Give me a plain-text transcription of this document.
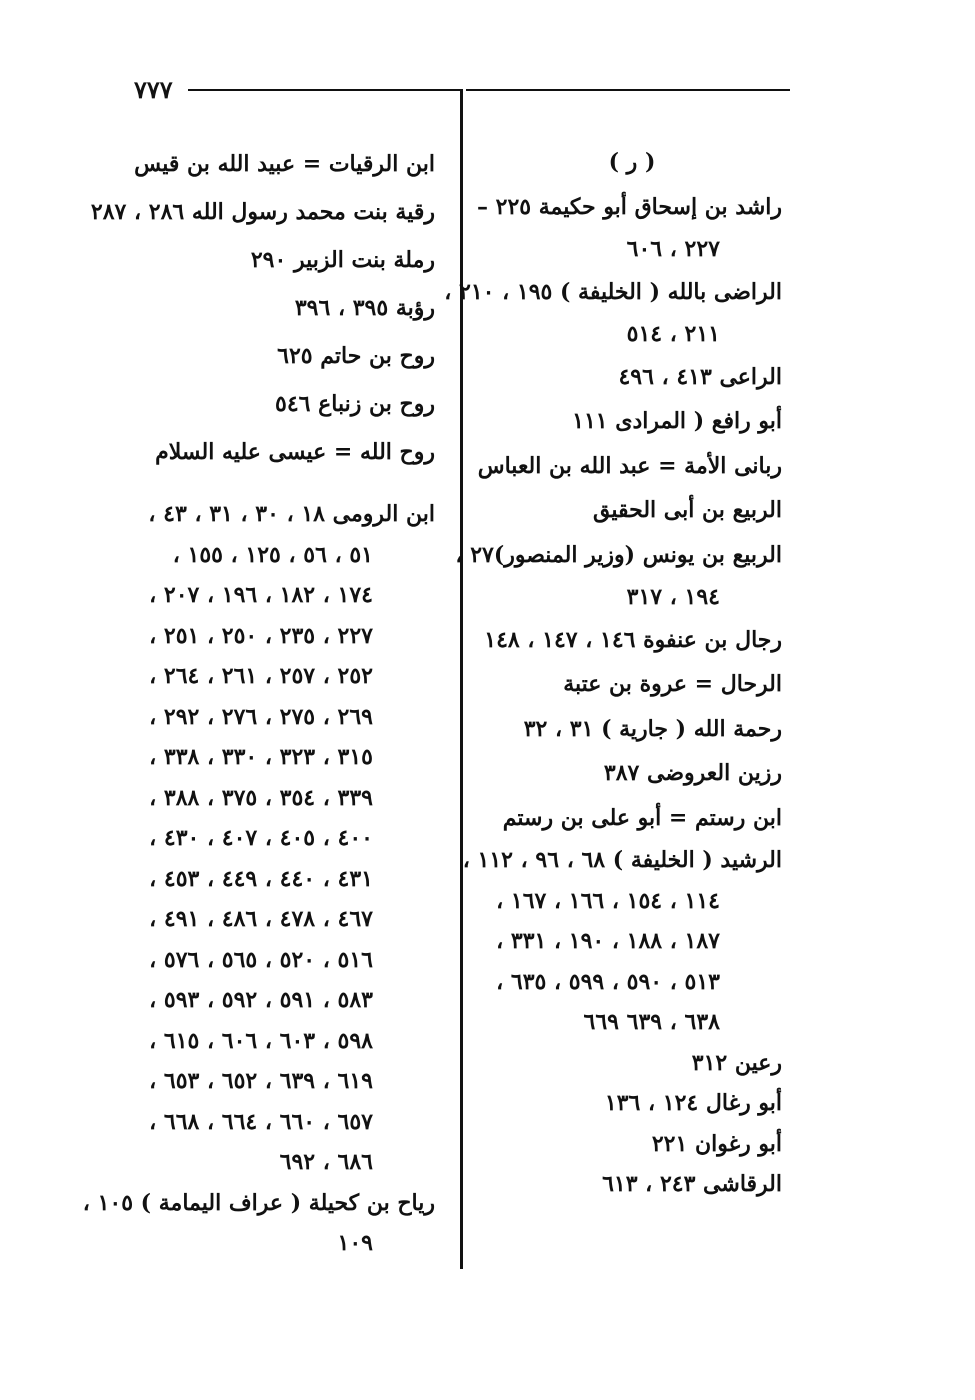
٧٧٧
( ر )
راشد بن إسحاق أبو حكيمة ٢٢٥ –
٢٢٧ ، ٦٠٦
الراضى بالله ( الخليفة ) ١٩٥ ، ٢١٠ ،
٢١١ ، ٥١٤
الراعى ٤١٣ ، ٤٩٦
أبو رافع ( المرادى ١١١
ربانى الأمة = عبد الله بن العباس
الربيع بن أبى الحقيق
الربيع بن يونس (وزير المنصور)٢٧ ،
١٩٤ ، ٣١٧
رجال بن عنفوة ١٤٦ ، ١٤٧ ، ١٤٨
الرحال = عروة بن عتبة
رحمة الله ( جارية ) ٣١ ، ٣٢
رزين العروضى ٣٨٧
ابن رستم = أبو على بن رستم
الرشيد ( الخليفة ) ٦٨ ، ٩٦ ، ١١٢ ،
١١٤ ، ١٥٤ ، ١٦٦ ، ١٦٧ ،
١٨٧ ، ١٨٨ ، ١٩٠ ، ٣٣١ ،
٥١٣ ، ٥٩٠ ، ٥٩٩ ، ٦٣٥ ،
٦٣٨ ، ٦٣٩ ٦٦٩
رعين ٣١٢
أبو رغال ١٢٤ ، ١٣٦
أبو رغوان ٢٢١
الرقاشى ٢٤٣ ، ٦١٣
ابن الرقيات = عبيد الله بن قيس
رقية بنت محمد رسول الله ٢٨٦ ، ٢٨٧
رملة بنت الزبير ٢٩٠
رؤبة ٣٩٥ ، ٣٩٦
روح بن حاتم ٦٢٥
روح بن زنباع ٥٤٦
روح الله = عيسى عليه السلام
ابن الرومى ١٨ ، ٣٠ ، ٣١ ، ٤٣ ،
٥١ ، ٥٦ ، ١٢٥ ، ١٥٥ ،
١٧٤ ، ١٨٢ ، ١٩٦ ، ٢٠٧ ،
٢٢٧ ، ٢٣٥ ، ٢٥٠ ، ٢٥١ ،
٢٥٢ ، ٢٥٧ ، ٢٦١ ، ٢٦٤ ،
٢٦٩ ، ٢٧٥ ، ٢٧٦ ، ٢٩٢ ،
٣١٥ ، ٣٢٣ ، ٣٣٠ ، ٣٣٨ ،
٣٣٩ ، ٣٥٤ ، ٣٧٥ ، ٣٨٨ ،
٤٠٠ ، ٤٠٥ ، ٤٠٧ ، ٤٣٠ ،
٤٣١ ، ٤٤٠ ، ٤٤٩ ، ٤٥٣ ،
٤٦٧ ، ٤٧٨ ، ٤٨٦ ، ٤٩١ ،
٥١٦ ، ٥٢٠ ، ٥٦٥ ، ٥٧٦ ،
٥٨٣ ، ٥٩١ ، ٥٩٢ ، ٥٩٣ ،
٥٩٨ ، ٦٠٣ ، ٦٠٦ ، ٦١٥ ،
٦١٩ ، ٦٣٩ ، ٦٥٢ ، ٦٥٣ ،
٦٥٧ ، ٦٦٠ ، ٦٦٤ ، ٦٦٨ ،
٦٨٦ ، ٦٩٢
رياح بن كحيلة ( عراف اليمامة ) ١٠٥ ،
١٠٩
